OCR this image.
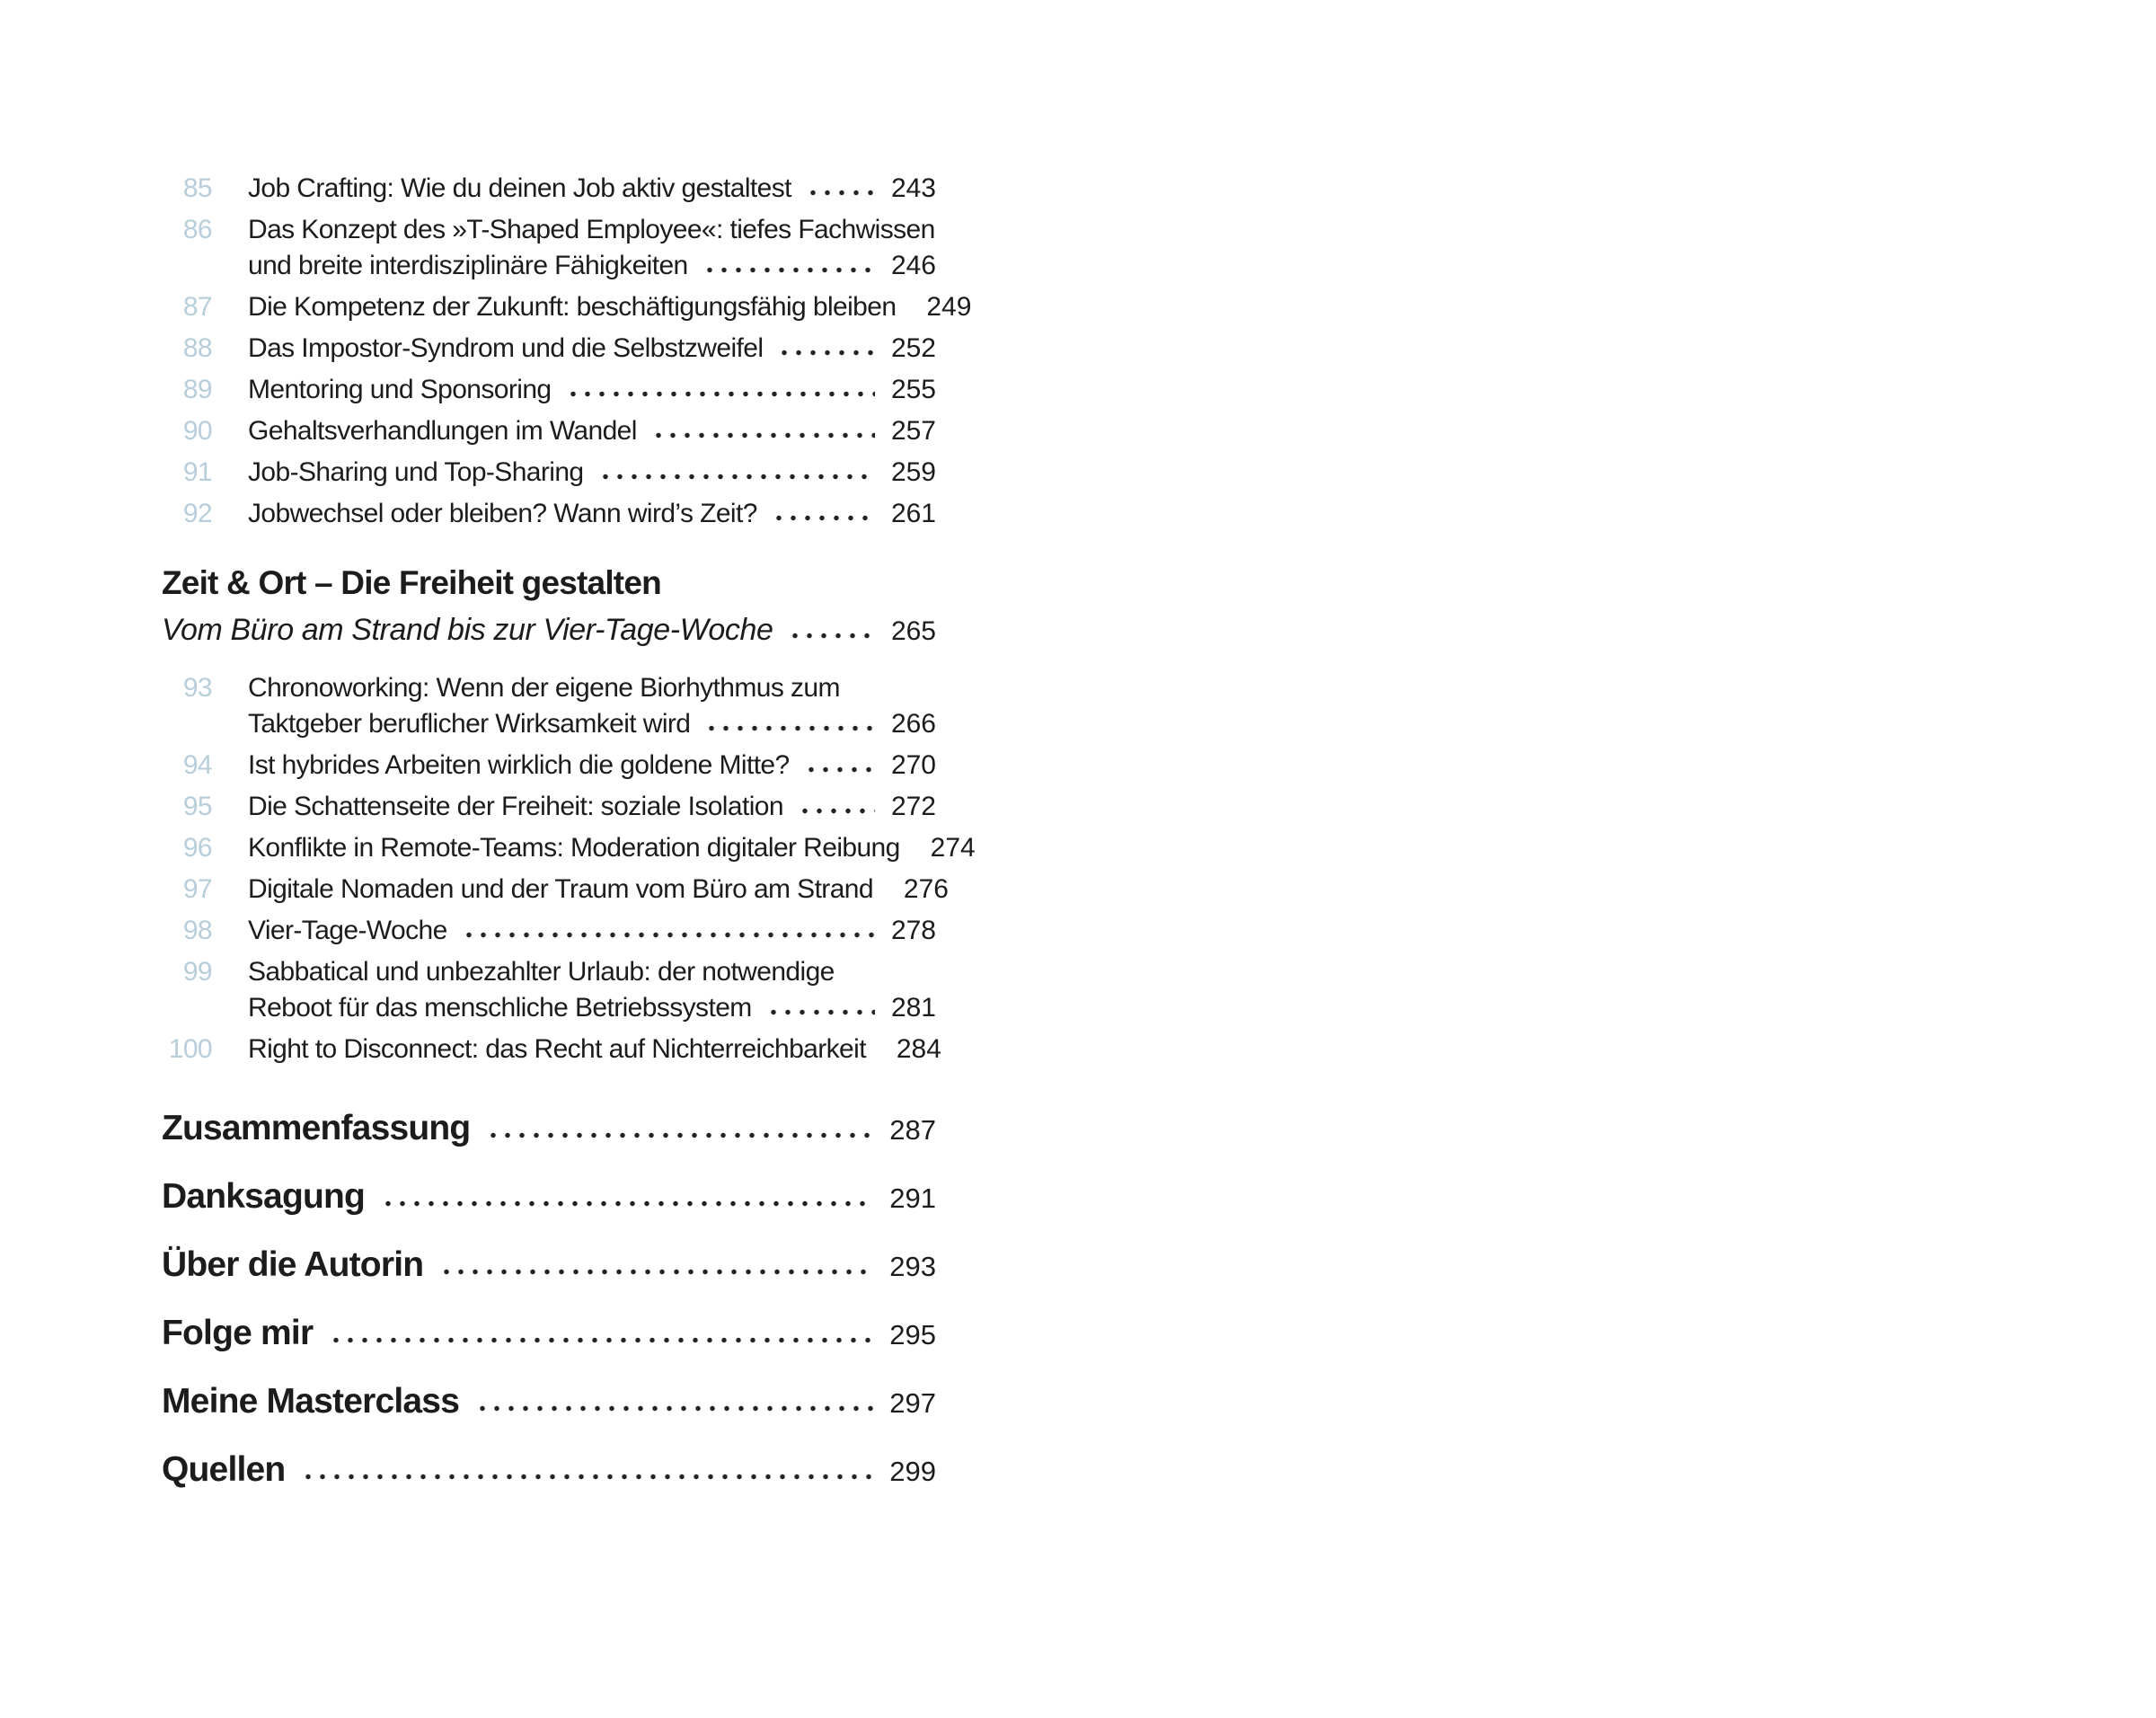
85 Job Crafting: Wie du deinen Job aktiv gestaltest	243
86 Das Konzept des »T-Shaped Employee«: tiefes Fachwissen
und breite interdisziplinäre Fähigkeiten	246
87 Die Kompetenz der Zukunft: beschäftigungsfähig bleiben 249
88 Das Impostor-Syndrom und die Selbstzweifel	252
89 Mentoring und Sponsoring	255
90 Gehaltsverhandlungen im Wandel	257
91 Job-Sharing und Top-Sharing	259
92 Jobwechsel oder bleiben? Wann wird’s Zeit?	261
Zeit & Ort – Die Freiheit gestalten
Vom Büro am Strand bis zur Vier-Tage-Woche	265
93 Chronoworking: Wenn der eigene Biorhythmus zum
Taktgeber beruflicher Wirksamkeit wird	266
94 Ist hybrides Arbeiten wirklich die goldene Mitte?	270
95 Die Schattenseite der Freiheit: soziale Isolation	272
96 Konflikte in Remote-Teams: Moderation digitaler Reibung 274
97 Digitale Nomaden und der Traum vom Büro am Strand 276
98 Vier-Tage-Woche	278
99 Sabbatical und unbezahlter Urlaub: der notwendige
Reboot für das menschliche Betriebssystem	281
100 Right to Disconnect: das Recht auf Nichterreichbarkeit 284
Zusammenfassung	287
Danksagung	291
Über die Autorin	293
Folge mir	295
Meine Masterclass	297
Quellen	299
